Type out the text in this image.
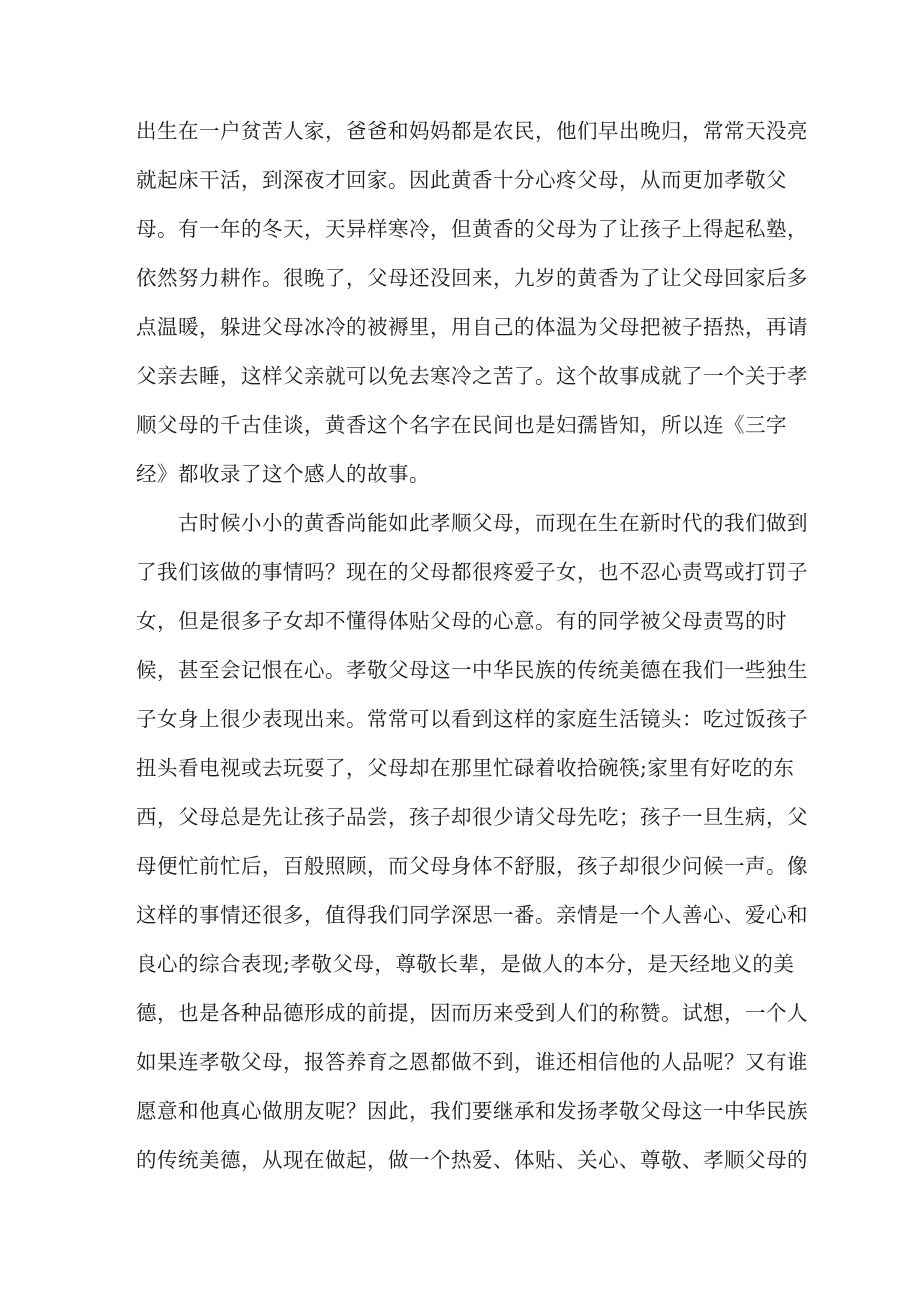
出生在一户贫苦人家，爸爸和妈妈都是农民，他们早出晚归，常常天没亮
就起床干活，到深夜才回家。因此黄香十分心疼父母，从而更加孝敬父
母。有一年的冬天，天异样寒冷，但黄香的父母为了让孩子上得起私塾，
依然努力耕作。很晚了，父母还没回来，九岁的黄香为了让父母回家后多
点温暖，躲进父母冰冷的被褥里，用自己的体温为父母把被子捂热，再请
父亲去睡，这样父亲就可以免去寒冷之苦了。这个故事成就了一个关于孝
顺父母的千古佳谈，黄香这个名字在民间也是妇孺皆知，所以连《三字
经》都收录了这个感人的故事。
古时候小小的黄香尚能如此孝顺父母，而现在生在新时代的我们做到
了我们该做的事情吗？现在的父母都很疼爱子女，也不忍心责骂或打罚子
女，但是很多子女却不懂得体贴父母的心意。有的同学被父母责骂的时
候，甚至会记恨在心。孝敬父母这一中华民族的传统美德在我们一些独生
子女身上很少表现出来。常常可以看到这样的家庭生活镜头：吃过饭孩子
扭头看电视或去玩耍了，父母却在那里忙碌着收拾碗筷;家里有好吃的东
西，父母总是先让孩子品尝，孩子却很少请父母先吃；孩子一旦生病，父
母便忙前忙后，百般照顾，而父母身体不舒服，孩子却很少问候一声。像
这样的事情还很多，值得我们同学深思一番。亲情是一个人善心、爱心和
良心的综合表现;孝敬父母，尊敬长辈，是做人的本分，是天经地义的美
德，也是各种品德形成的前提，因而历来受到人们的称赞。试想，一个人
如果连孝敬父母，报答养育之恩都做不到，谁还相信他的人品呢？又有谁
愿意和他真心做朋友呢？因此，我们要继承和发扬孝敬父母这一中华民族
的传统美德，从现在做起，做一个热爱、体贴、关心、尊敬、孝顺父母的
